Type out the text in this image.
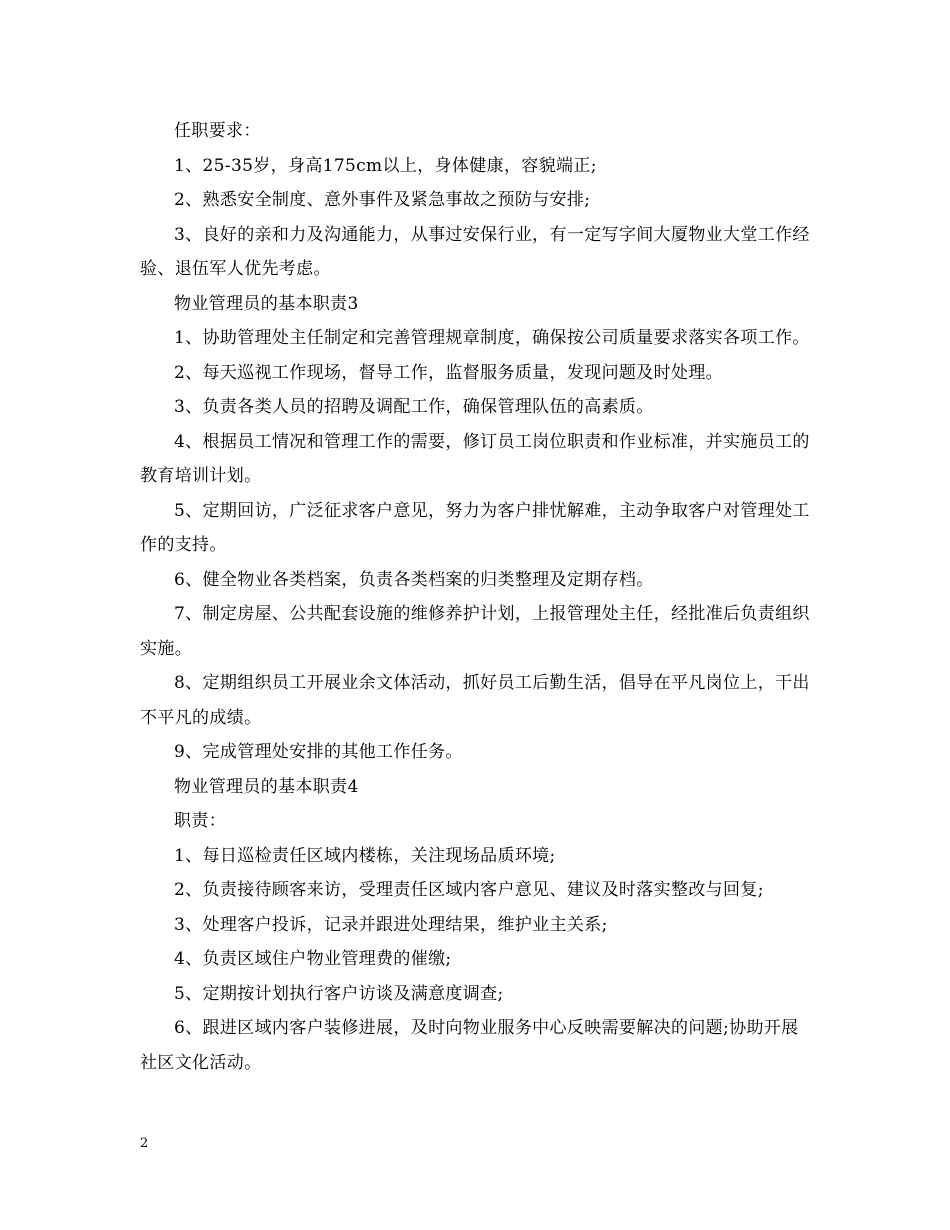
任职要求：

1、25-35岁，身高175cm以上，身体健康，容貌端正;

2、熟悉安全制度、意外事件及紧急事故之预防与安排;

3、良好的亲和力及沟通能力，从事过安保行业，有一定写字间大厦物业大堂工作经验、退伍军人优先考虑。

物业管理员的基本职责3

1、协助管理处主任制定和完善管理规章制度，确保按公司质量要求落实各项工作。

2、每天巡视工作现场，督导工作，监督服务质量，发现问题及时处理。

3、负责各类人员的招聘及调配工作，确保管理队伍的高素质。

4、根据员工情况和管理工作的需要，修订员工岗位职责和作业标准，并实施员工的教育培训计划。

5、定期回访，广泛征求客户意见，努力为客户排忧解难，主动争取客户对管理处工作的支持。

6、健全物业各类档案，负责各类档案的归类整理及定期存档。

7、制定房屋、公共配套设施的维修养护计划，上报管理处主任，经批准后负责组织实施。

8、定期组织员工开展业余文体活动，抓好员工后勤生活，倡导在平凡岗位上，干出不平凡的成绩。

9、完成管理处安排的其他工作任务。

物业管理员的基本职责4

职责：

1、每日巡检责任区域内楼栋，关注现场品质环境;

2、负责接待顾客来访，受理责任区域内客户意见、建议及时落实整改与回复;

3、处理客户投诉，记录并跟进处理结果，维护业主关系;

4、负责区域住户物业管理费的催缴;

5、定期按计划执行客户访谈及满意度调查;

6、跟进区域内客户装修进展，及时向物业服务中心反映需要解决的问题;协助开展社区文化活动。

2
